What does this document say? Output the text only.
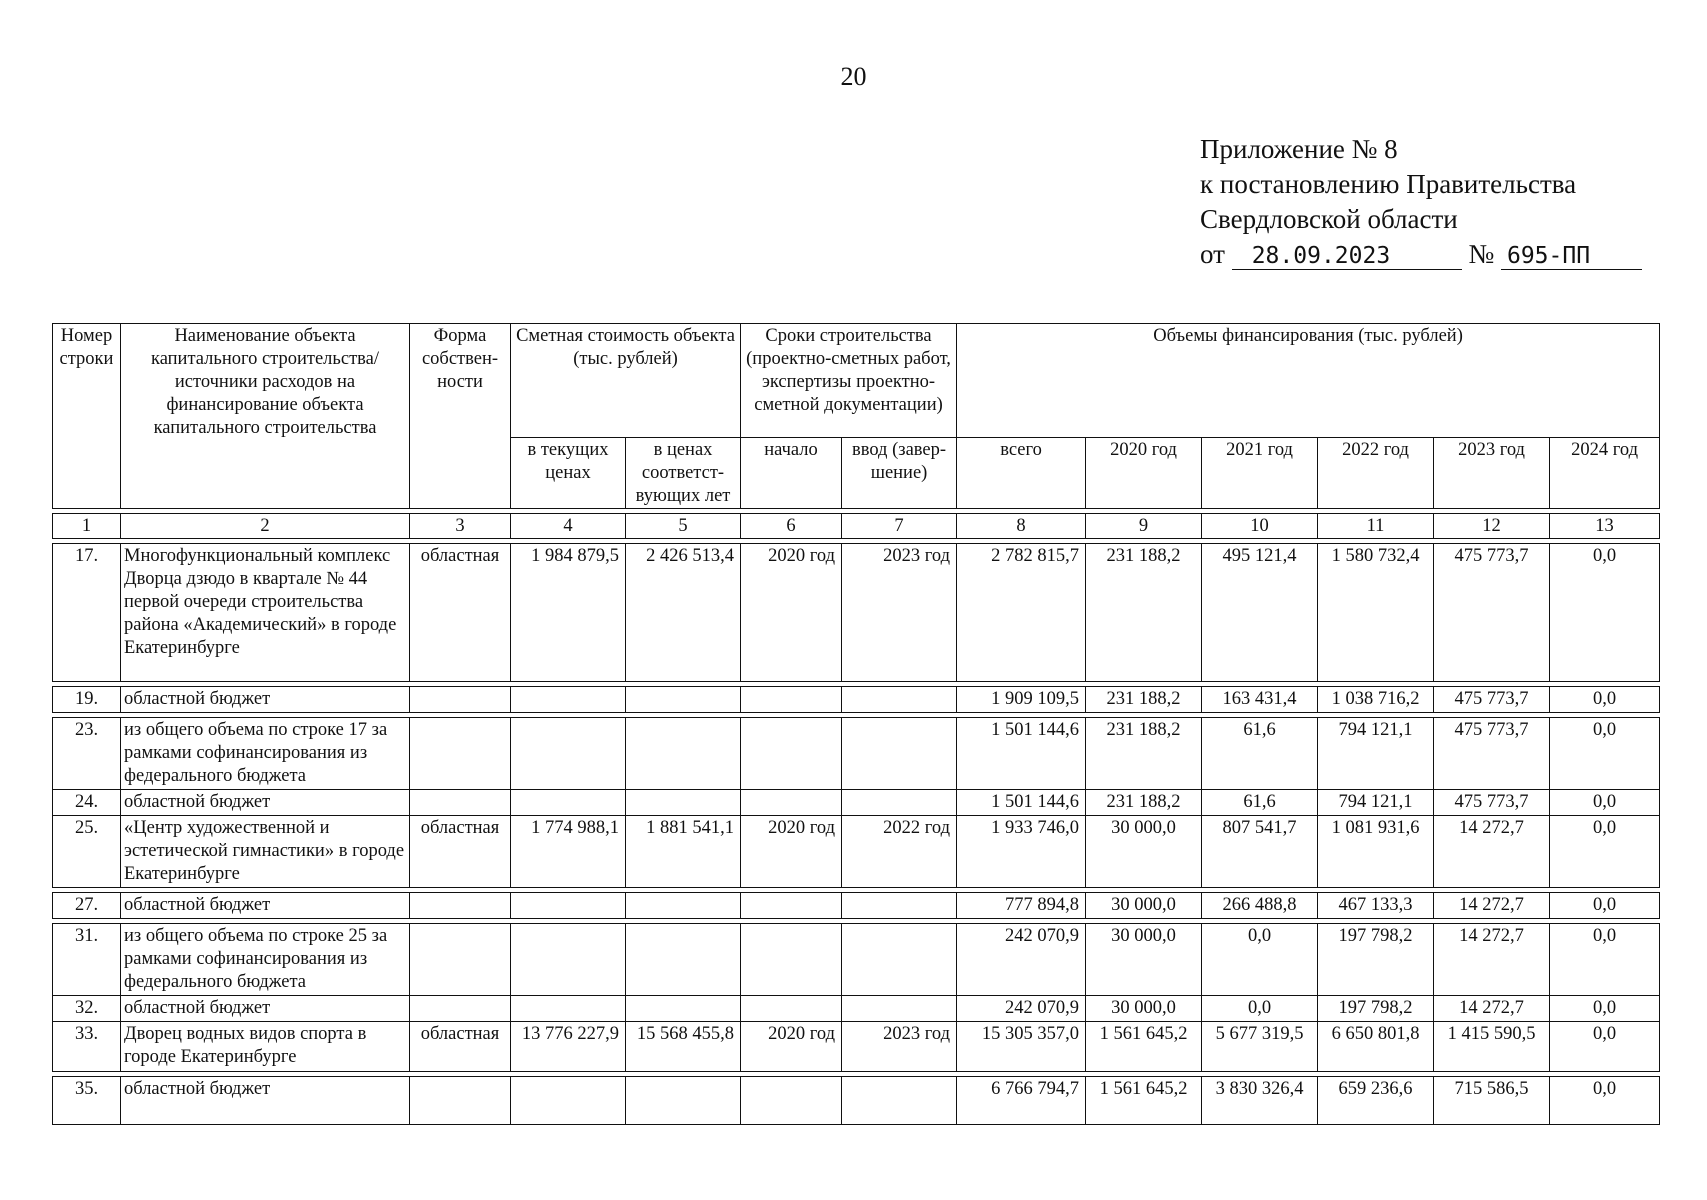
20
Приложение № 8
к постановлению Правительства
Свердловской области
от 28.09.2023	№ 695-ПП
Номер строки	Наименование объекта капитального строительства/ источники расходов на финансирование объекта капитального строительства	Форма собствен- ности	Сметная стоимость объекта (тыс. рублей)		Сроки строительства (проектно-сметных работ, экспертизы проектно-сметной документации)		Объемы финансирования (тыс. рублей)					
			в текущих ценах	в ценах соответст- вующих лет	начало	ввод (завер- шение)	всего	2020 год	2021 год	2022 год	2023 год	2024 год

1	2	3	4	5	6	7	8	9	10	11	12	13

17.	Многофункциональный комплекс Дворца дзюдо в квартале № 44 первой очереди строительства района «Академический» в городе Екатеринбурге	областная	1 984 879,5	2 426 513,4	2020 год	2023 год	2 782 815,7	231 188,2	495 121,4	1 580 732,4	475 773,7	0,0

19.	областной бюджет						1 909 109,5	231 188,2	163 431,4	1 038 716,2	475 773,7	0,0

23.	из общего объема по строке 17 за рамками софинансирования из федерального бюджета						1 501 144,6	231 188,2	61,6	794 121,1	475 773,7	0,0
24.	областной бюджет						1 501 144,6	231 188,2	61,6	794 121,1	475 773,7	0,0
25.	«Центр художественной и эстетической гимнастики» в городе Екатеринбурге	областная	1 774 988,1	1 881 541,1	2020 год	2022 год	1 933 746,0	30 000,0	807 541,7	1 081 931,6	14 272,7	0,0

27.	областной бюджет						777 894,8	30 000,0	266 488,8	467 133,3	14 272,7	0,0

31.	из общего объема по строке 25 за рамками софинансирования из федерального бюджета						242 070,9	30 000,0	0,0	197 798,2	14 272,7	0,0
32.	областной бюджет						242 070,9	30 000,0	0,0	197 798,2	14 272,7	0,0
33.	Дворец водных видов спорта в городе Екатеринбурге	областная	13 776 227,9	15 568 455,8	2020 год	2023 год	15 305 357,0	1 561 645,2	5 677 319,5	6 650 801,8	1 415 590,5	0,0

35.	областной бюджет						6 766 794,7	1 561 645,2	3 830 326,4	659 236,6	715 586,5	0,0
